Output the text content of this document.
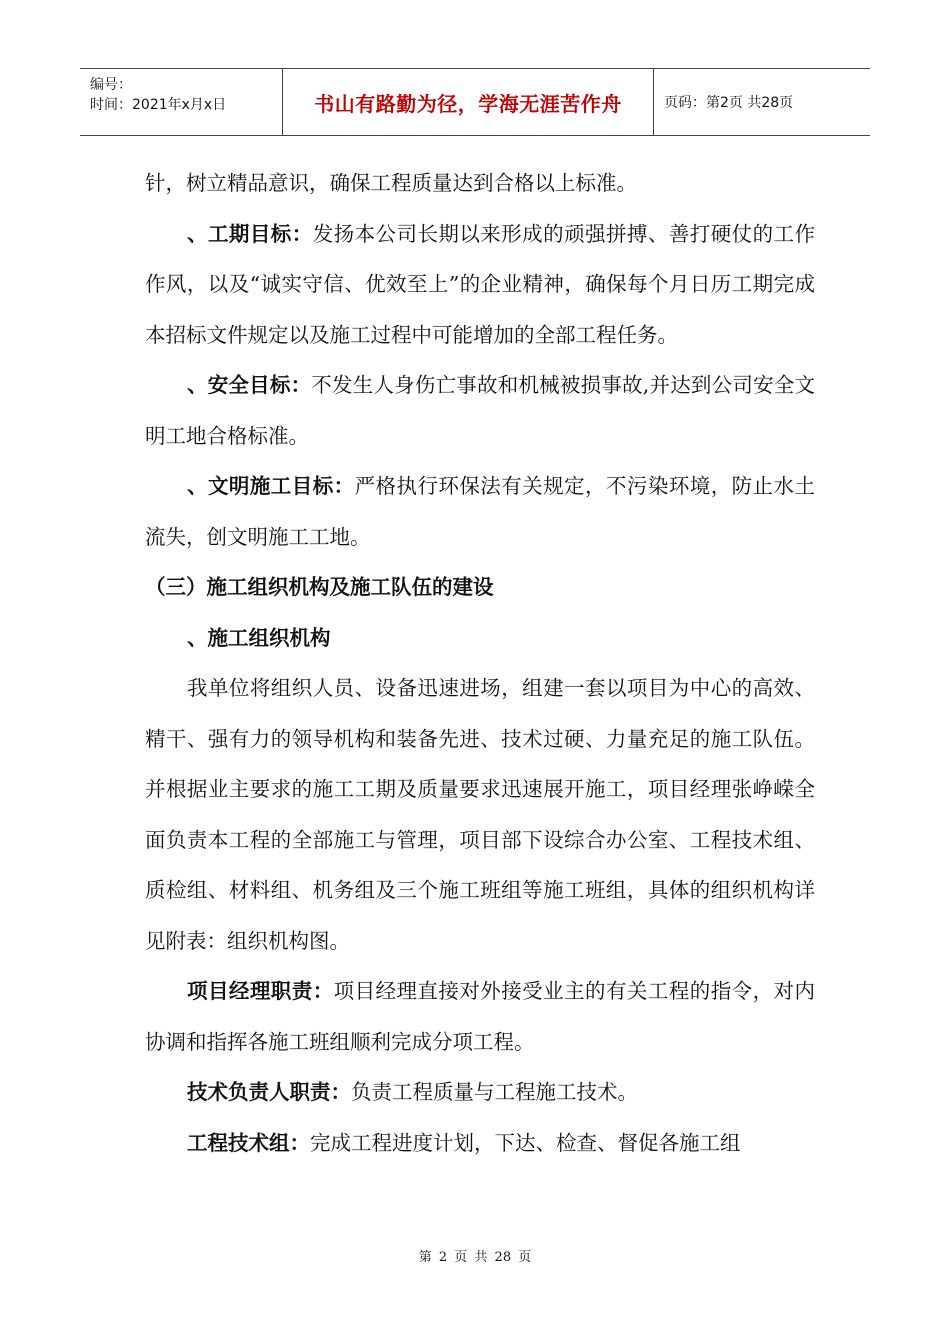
编号：
时间：2021年x月x日	书山有路勤为径，学海无涯苦作舟	页码：第2页 共28页

针，树立精品意识，确保工程质量达到合格以上标准。

、工期目标：发扬本公司长期以来形成的顽强拼搏、善打硬仗的工作作风，以及“诚实守信、优效至上”的企业精神，确保每个月日历工期完成本招标文件规定以及施工过程中可能增加的全部工程任务。

、安全目标：不发生人身伤亡事故和机械被损事故,并达到公司安全文明工地合格标准。

、文明施工目标：严格执行环保法有关规定，不污染环境，防止水土流失，创文明施工工地。

（三）施工组织机构及施工队伍的建设

、施工组织机构

我单位将组织人员、设备迅速进场，组建一套以项目为中心的高效、精干、强有力的领导机构和装备先进、技术过硬、力量充足的施工队伍。并根据业主要求的施工工期及质量要求迅速展开施工，项目经理张峥嵘全面负责本工程的全部施工与管理，项目部下设综合办公室、工程技术组、质检组、材料组、机务组及三个施工班组等施工班组，具体的组织机构详见附表：组织机构图。

项目经理职责：项目经理直接对外接受业主的有关工程的指令，对内协调和指挥各施工班组顺利完成分项工程。

技术负责人职责：负责工程质量与工程施工技术。

工程技术组：完成工程进度计划，下达、检查、督促各施工组

第 2 页 共 28 页
